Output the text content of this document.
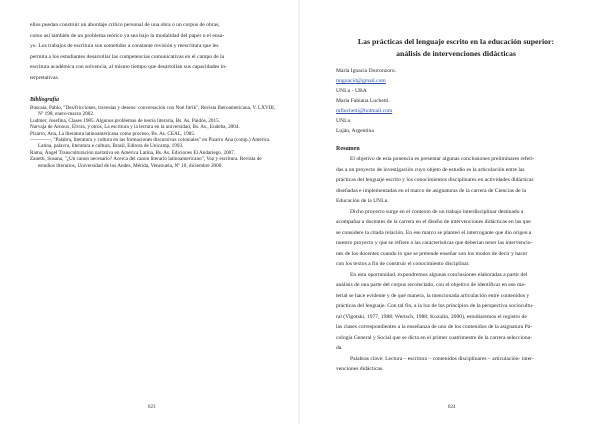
ellos puedan construir un abordaje crítico personal de una obra o un corpus de obras,
como así también de un problema teórico ya sea bajo la modalidad del paper o el ensa-
yo. Los trabajos de escritura son sometidos a constante revisión y reescritura que les
permita a los estudiantes desarrollar las competencias comunicativas en el campo de la
escritura académica con solvencia, al mismo tiempo que desarrollan sus capacidades in-
terpretativas.

Bibliografía

Buscaia, Pablo, "Des/fricciones, travesías y deseos: conversación con Noé Jitrik", Revista Iberoamericana, V. LXVIII, Nº 198, enero-marzo 2002.

Ludmer, Josefina, Clases 1985. Algunos problemas de teoría literaria, Bs. As. Paidós, 2015.

Narvaja de Arnoux, Elvira, y otros, La escritura y la lectura en la universidad, Bs. As., Eudeba, 2004.

Pizarro, Ana, La literatura latinoamericana como proceso, Bs. As. CEAL, 1985.

————, "Palabra, literatura y cultura en las formaciones discursivas coloniales" en Pizarro Ana (comp.) América Latina, palavra, literatura e cultura, Brasil, Editora de Unicamp, 1993.

Rama, Ángel Transculturación narrativa en América Latina, Bs. As. Ediciones El Andariego, 2007.

Zanetti, Susana, "¿Un canon necesario? Acerca del canon literario latinoamericano", Voz y escritura. Revista de estudios literarios, Universidad de los Andes, Mérida, Venezuela, Nº 10, diciembre 2000.

823
Las prácticas del lenguaje escrito en la educación superior:
análisis de intervenciones didácticas
María Ignacia Dorronzoro.
mignacid@gmail.com
UNLu - UBA
María Fabiana Luchetti.
mfluchetti@hotmail.com
UNLu
Luján, Argentina
Resumen
El objetivo de esta ponencia es presentar algunas conclusiones preliminares referi-
das a un proyecto de investigación cuyo objeto de estudio es la articulación entre las
prácticas del lenguaje escrito y los conocimientos disciplinares en actividades didácticas
diseñadas e implementadas en el marco de asignaturas de la carrera de Ciencias de la
Educación de la UNLu.
Dicho proyecto surge en el contexto de un trabajo interdisciplinar destinado a
acompañar a docentes de la carrera en el diseño de intervenciones didácticas en las que
se considere la citada relación. En ese marco se planteó el interrogante que dio origen a
nuestro proyecto y que se refiere a las características que deberían tener las intervencio-
nes de los docentes cuando lo que se pretende enseñar son los modos de decir y hacer
con los textos a fin de construir el conocimiento disciplinar.
En esta oportunidad, expondremos algunas conclusiones elaboradas a partir del
análisis de una parte del corpus recolectado, con el objetivo de identificar en ese ma-
terial se hace evidente y de qué manera, la mencionada articulación entre contenidos y
prácticas del lenguaje. Con tal fin, a la luz de los principios de la perspectiva sociocultu-
ral (Vigotski, 1977, 1988; Wertsch, 1988; Kozulin, 2000), estudiaremos el registro de
las clases correspondientes a la enseñanza de uno de los contenidos de la asignatura Pa-
cología General y Social que se dicta en el primer cuatrimestre de la carrera selecciona-
da.
Palabras clave: Lectura – escritura – contenidos disciplinares – articulación- inter-
venciones didácticas.
824
